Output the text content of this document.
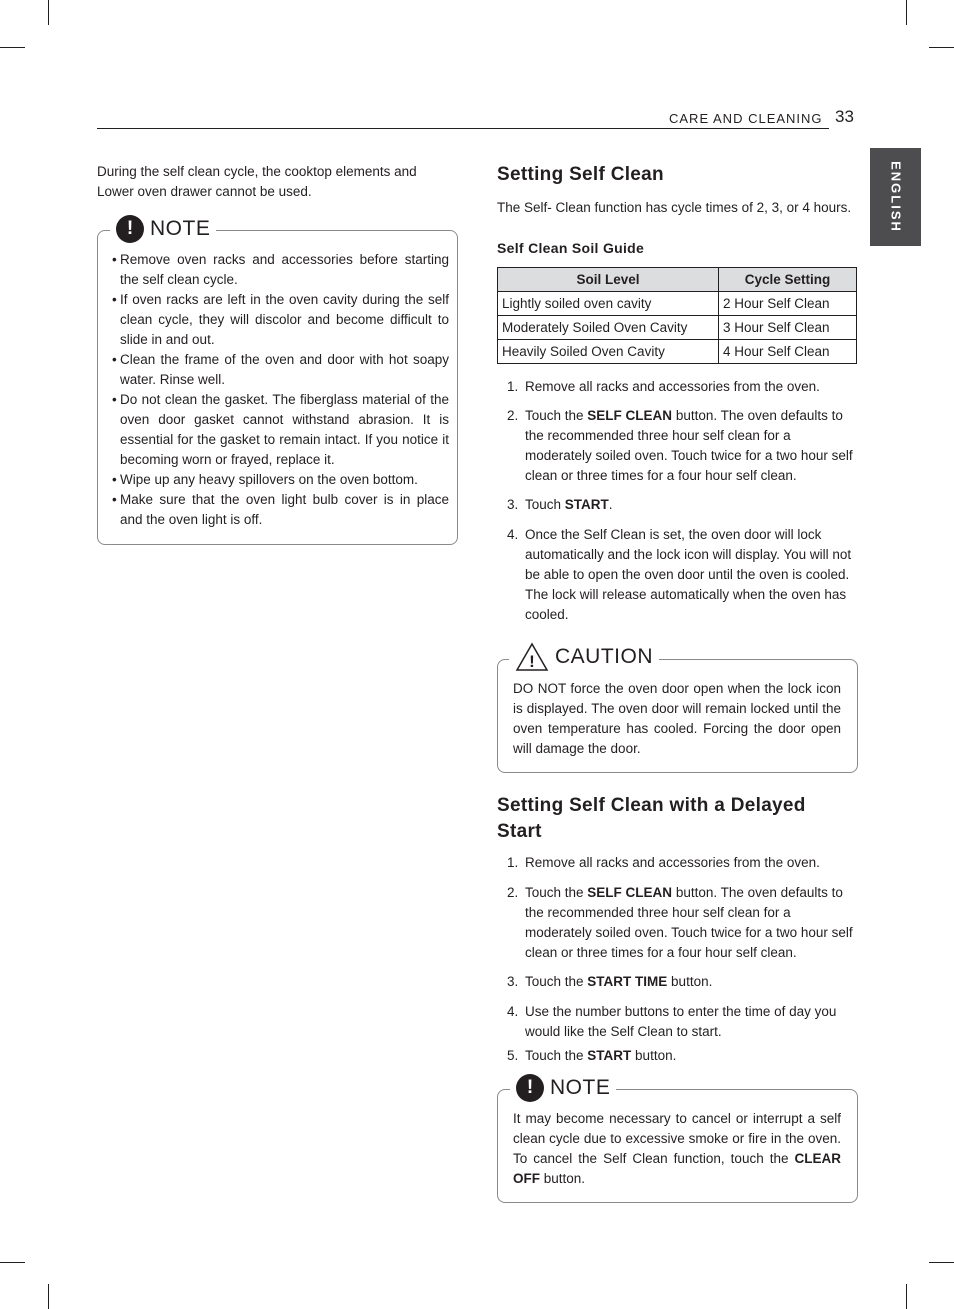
CARE AND CLEANING 33
ENGLISH
During the self clean cycle, the cooktop elements and Lower oven drawer cannot be used.
! NOTE
• Remove oven racks and accessories before starting the self clean cycle.
• If oven racks are left in the oven cavity during the self clean cycle, they will discolor and become difficult to slide in and out.
• Clean the frame of the oven and door with hot soapy water. Rinse well.
• Do not clean the gasket. The fiberglass material of the oven door gasket cannot withstand abrasion. It is essential for the gasket to remain intact. If you notice it becoming worn or frayed, replace it.
• Wipe up any heavy spillovers on the oven bottom.
• Make sure that the oven light bulb cover is in place and the oven light is off.
Setting Self Clean
The Self- Clean function has cycle times of 2, 3, or 4 hours.
Self Clean Soil Guide
Soil Level	Cycle Setting
Lightly soiled oven cavity	2 Hour Self Clean
Moderately Soiled Oven Cavity	3 Hour Self Clean
Heavily Soiled Oven Cavity	4 Hour Self Clean
1. Remove all racks and accessories from the oven.
2. Touch the SELF CLEAN button. The oven defaults to the recommended three hour self clean for a moderately soiled oven. Touch twice for a two hour self clean or three times for a four hour self clean.
3. Touch START.
4. Once the Self Clean is set, the oven door will lock automatically and the lock icon will display. You will not be able to open the oven door until the oven is cooled. The lock will release automatically when the oven has cooled.
! CAUTION
DO NOT force the oven door open when the lock icon is displayed. The oven door will remain locked until the oven temperature has cooled. Forcing the door open will damage the door.
Setting Self Clean with a Delayed Start
1. Remove all racks and accessories from the oven.
2. Touch the SELF CLEAN button. The oven defaults to the recommended three hour self clean for a moderately soiled oven. Touch twice for a two hour self clean or three times for a four hour self clean.
3. Touch the START TIME button.
4. Use the number buttons to enter the time of day you would like the Self Clean to start.
5. Touch the START button.
! NOTE
It may become necessary to cancel or interrupt a self clean cycle due to excessive smoke or fire in the oven. To cancel the Self Clean function, touch the CLEAR OFF button.
